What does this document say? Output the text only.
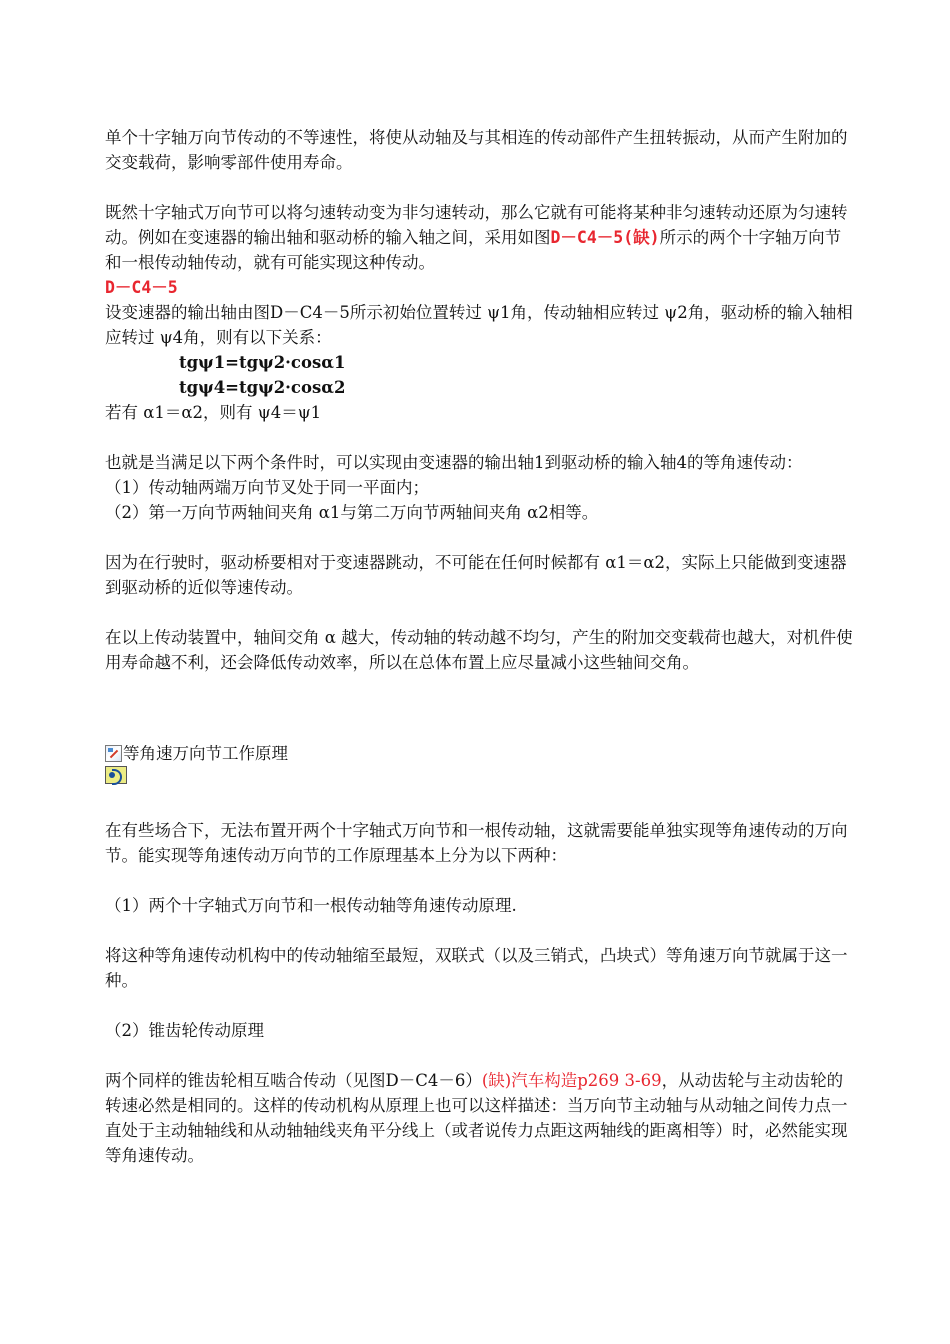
单个十字轴万向节传动的不等速性，将使从动轴及与其相连的传动部件产生扭转振动，从而产生附加的交变载荷，影响零部件使用寿命。

既然十字轴式万向节可以将匀速转动变为非匀速转动，那么它就有可能将某种非匀速转动还原为匀速转动。例如在变速器的输出轴和驱动桥的输入轴之间，采用如图D－C4－5(缺)所示的两个十字轴万向节和一根传动轴传动，就有可能实现这种传动。

D－C4－5

设变速器的输出轴由图D－C4－5所示初始位置转过 ψ1角，传动轴相应转过 ψ2角，驱动桥的输入轴相应转过 ψ4角，则有以下关系：

tgψ1=tgψ2·cosα1

tgψ4=tgψ2·cosα2

若有 α1＝α2，则有 ψ4＝ψ1

也就是当满足以下两个条件时，可以实现由变速器的输出轴1到驱动桥的输入轴4的等角速传动：

（1）传动轴两端万向节叉处于同一平面内；

（2）第一万向节两轴间夹角 α1与第二万向节两轴间夹角 α2相等。

因为在行驶时，驱动桥要相对于变速器跳动，不可能在任何时候都有 α1＝α2，实际上只能做到变速器到驱动桥的近似等速传动。

在以上传动装置中，轴间交角 α 越大，传动轴的转动越不均匀，产生的附加交变载荷也越大，对机件使用寿命越不利，还会降低传动效率，所以在总体布置上应尽量减小这些轴间交角。

等角速万向节工作原理

在有些场合下，无法布置开两个十字轴式万向节和一根传动轴，这就需要能单独实现等角速传动的万向节。能实现等角速传动万向节的工作原理基本上分为以下两种：

（1）两个十字轴式万向节和一根传动轴等角速传动原理.

将这种等角速传动机构中的传动轴缩至最短，双联式（以及三销式，凸块式）等角速万向节就属于这一种。

（2）锥齿轮传动原理

两个同样的锥齿轮相互啮合传动（见图D－C4－6）(缺)汽车构造p269 3-69，从动齿轮与主动齿轮的转速必然是相同的。这样的传动机构从原理上也可以这样描述：当万向节主动轴与从动轴之间传力点一直处于主动轴轴线和从动轴轴线夹角平分线上（或者说传力点距这两轴线的距离相等）时，必然能实现等角速传动。
